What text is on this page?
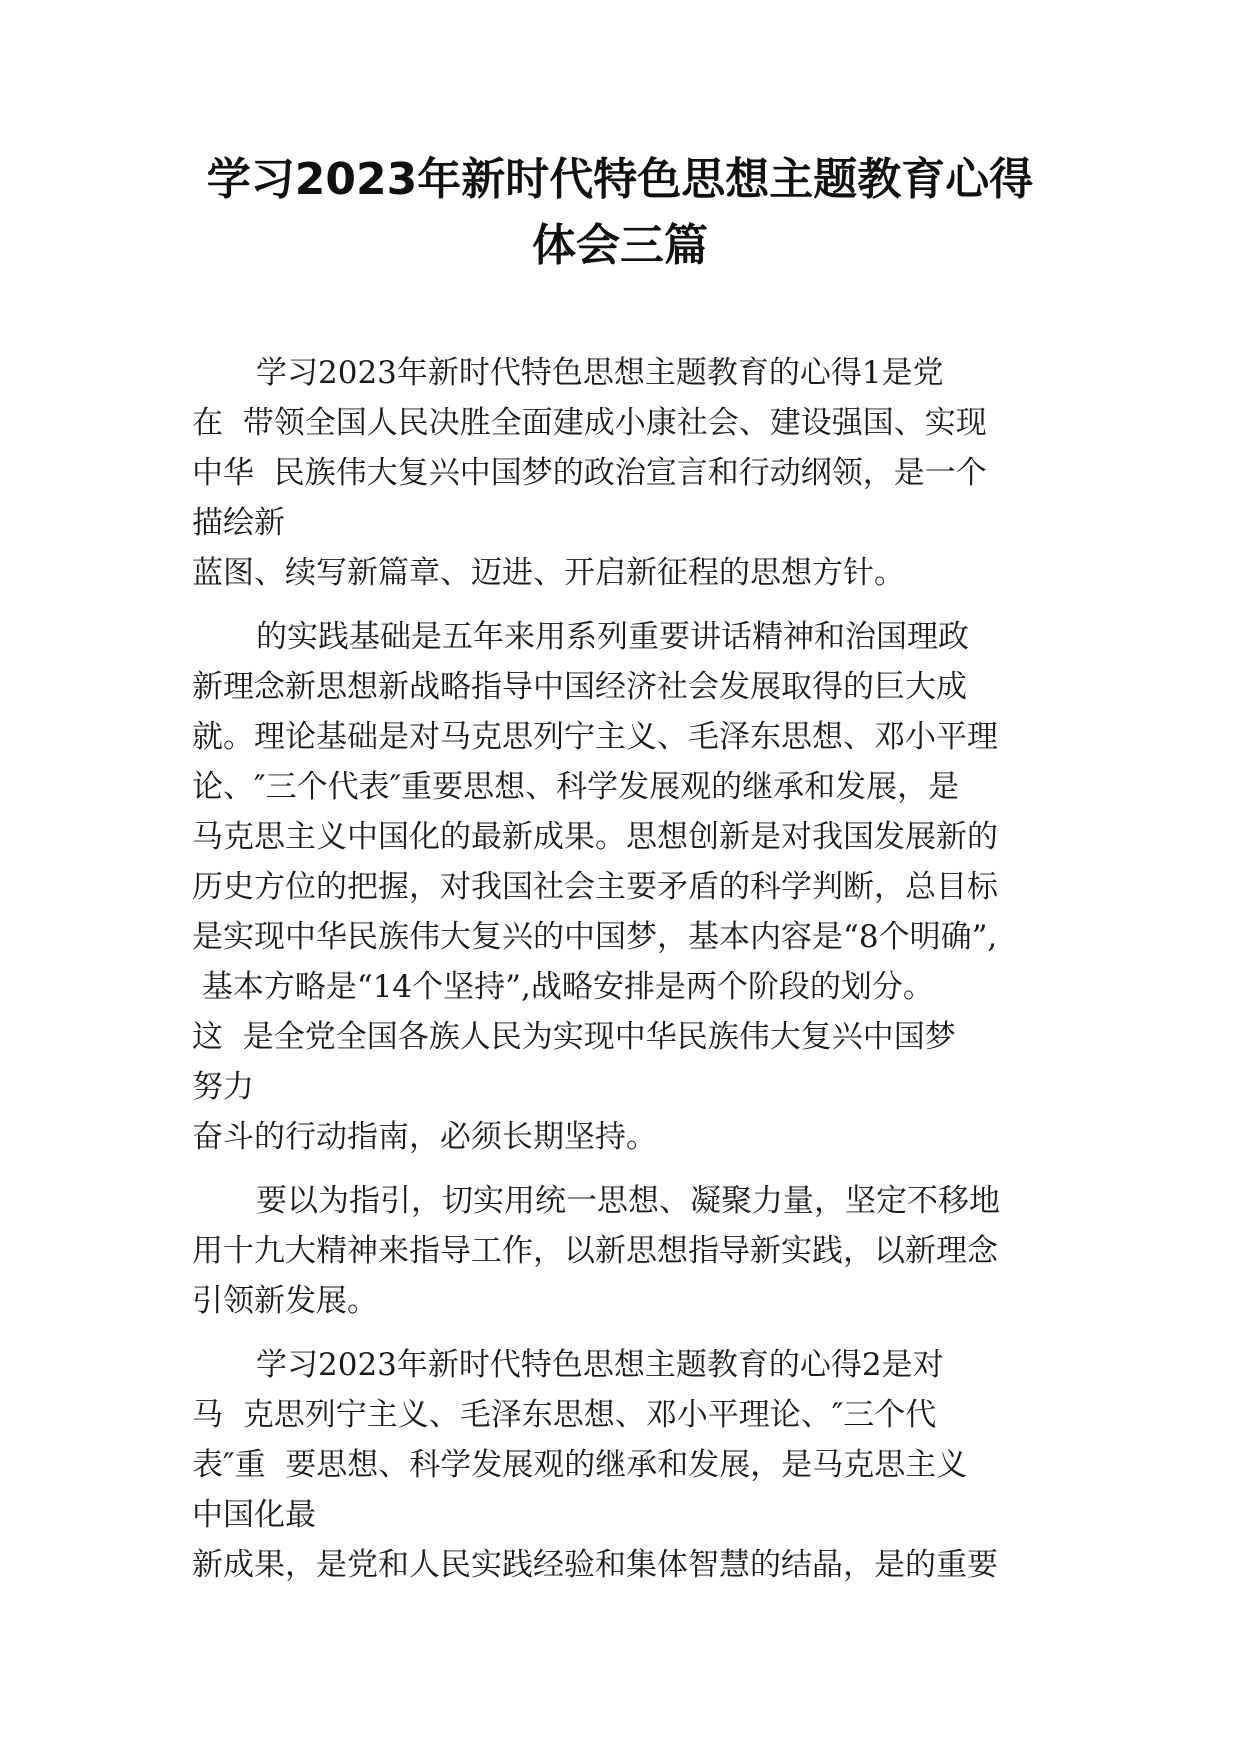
学习2023年新时代特色思想主题教育心得
体会三篇
学习2023年新时代特色思想主题教育的心得1是党
在  带领全国人民决胜全面建成小康社会、建设强国、实现
中华  民族伟大复兴中国梦的政治宣言和行动纲领，是一个
描绘新
蓝图、续写新篇章、迈进、开启新征程的思想方针。
的实践基础是五年来用系列重要讲话精神和治国理政
新理念新思想新战略指导中国经济社会发展取得的巨大成
就。理论基础是对马克思列宁主义、毛泽东思想、邓小平理
论、″三个代表″重要思想、科学发展观的继承和发展，是
马克思主义中国化的最新成果。思想创新是对我国发展新的
历史方位的把握，对我国社会主要矛盾的科学判断，总目标
是实现中华民族伟大复兴的中国梦，基本内容是“8个明确”,
基本方略是“14个坚持”,战略安排是两个阶段的划分。
这  是全党全国各族人民为实现中华民族伟大复兴中国梦
努力
奋斗的行动指南，必须长期坚持。
要以为指引，切实用统一思想、凝聚力量，坚定不移地
用十九大精神来指导工作，以新思想指导新实践，以新理念
引领新发展。
学习2023年新时代特色思想主题教育的心得2是对
马  克思列宁主义、毛泽东思想、邓小平理论、″三个代
表″重  要思想、科学发展观的继承和发展，是马克思主义
中国化最
新成果，是党和人民实践经验和集体智慧的结晶，是的重要
